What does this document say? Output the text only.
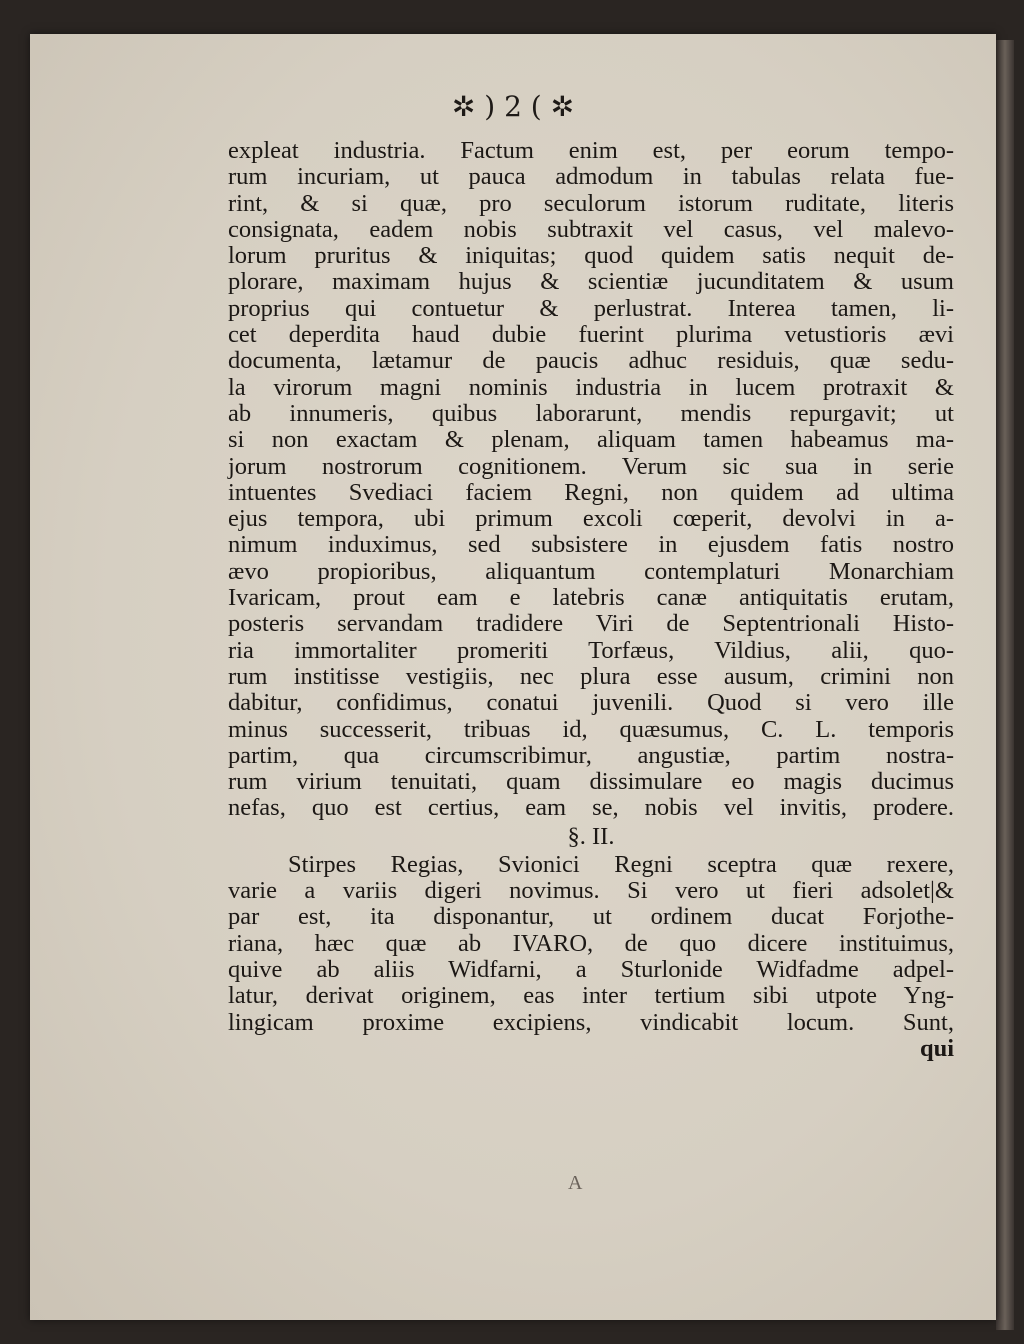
✲ ) 2 ( ✲
expleat industria. Factum enim est, per eorum tempo-
rum incuriam, ut pauca admodum in tabulas relata fue-
rint, & si quæ, pro seculorum istorum ruditate, literis
consignata, eadem nobis subtraxit vel casus, vel malevo-
lorum pruritus & iniquitas; quod quidem satis nequit de-
plorare, maximam hujus & scientiæ jucunditatem & usum
proprius qui contuetur & perlustrat. Interea tamen, li-
cet deperdita haud dubie fuerint plurima vetustioris ævi
documenta, lætamur de paucis adhuc residuis, quæ sedu-
la virorum magni nominis industria in lucem protraxit &
ab innumeris, quibus laborarunt, mendis repurgavit; ut
si non exactam & plenam, aliquam tamen habeamus ma-
jorum nostrorum cognitionem. Verum sic sua in serie
intuentes Svediaci faciem Regni, non quidem ad ultima
ejus tempora, ubi primum excoli cœperit, devolvi in a-
nimum induximus, sed subsistere in ejusdem fatis nostro
ævo propioribus, aliquantum contemplaturi Monarchiam
Ivaricam, prout eam e latebris canæ antiquitatis erutam,
posteris servandam tradidere Viri de Septentrionali Histo-
ria immortaliter promeriti Torfæus, Vildius, alii, quo-
rum institisse vestigiis, nec plura esse ausum, crimini non
dabitur, confidimus, conatui juvenili. Quod si vero ille
minus successerit, tribuas id, quæsumus, C. L. temporis
partim, qua circumscribimur, angustiæ, partim nostra-
rum virium tenuitati, quam dissimulare eo magis ducimus
nefas, quo est certius, eam se, nobis vel invitis, prodere.
§. II.
Stirpes Regias, Svionici Regni sceptra quæ rexere,
varie a variis digeri novimus. Si vero ut fieri adsolet|&
par est, ita disponantur, ut ordinem ducat Forjothe-
riana, hæc quæ ab IVARO, de quo dicere instituimus,
quive ab aliis Widfarni, a Sturlonide Widfadme adpel-
latur, derivat originem, eas inter tertium sibi utpote Yng-
lingicam proxime excipiens, vindicabit locum. Sunt,
qui
A
